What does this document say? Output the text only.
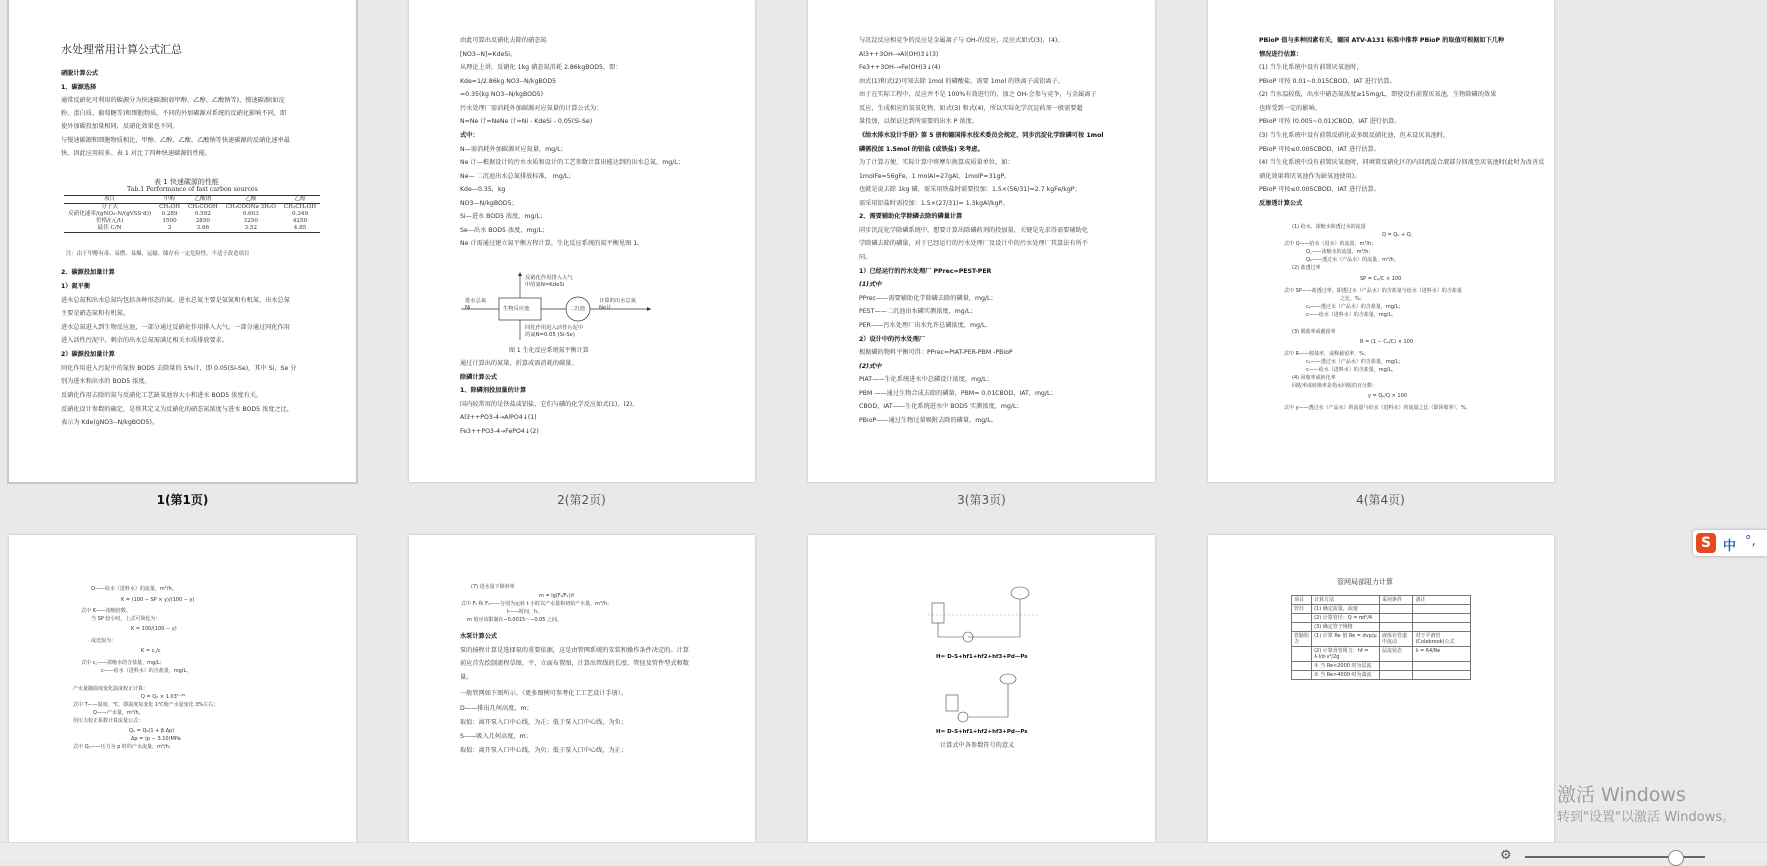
水处理常用计算公式汇总
硝脱计算公式
1、碳源选择
通常反硝化可利用的碳源分为快速碳源(如甲醇、乙醇、乙酸钠等)、慢速碳源(如淀
粉、蛋白质、葡萄糖等)和细胞物质。不同的外加碳源对系统的反硝化影响不同，即
使外加碳投加量相同，反硝化效果也不同。
与慢速碳源和细胞物质相比，甲醇、乙醇、乙酸、乙酸钠等快速碳源的反硝化速率最
快，因此应用较多。表 1 对比了四种快速碳源的性能。
表 1 快速碳源的性能
Tab.1 Performance of fast carbon sources
项目	甲醇	乙酸钠	乙酸	乙醇
分子式	CH₃OH	CH₃COOH	CH₃COONa·3H₂O	CH₃CH₂OH
反硝化速率/(gNO₃-N/(gVSS·d))	0.289	0.592	0.603	0.349
价格/(元/t)	1500	2850	3250	4250
最佳 C/N	3	3.66	3.52	4.85
注：由于甲醇有毒、易燃、易爆，运输、储存有一定危险性，不适于改造项目
2、碳源投加量计算
1）氮平衡
进水总氮和出水总氮均包括各种形态的氮。进水总氮主要是氨氮和有机氮，出水总氮
主要是硝态氮和有机氮。
进水总氮进入到生物反应池，一部分通过反硝化作用排入大气，一部分通过同化作用
进入活性污泥中，剩余的出水总氮需满足相关水质排放要求。
2）碳源投加量计算
同化作用进入污泥中的氮按 BOD5 去除量的 5%计，即 0.05(Si-Se)，其中 Si、Se 分
别为进水和出水的 BOD5 浓度。
反硝化作用去除的氮与反硝化工艺缺氧池容大小和进水 BOD5 浓度有关。
反硝化设计参数的确定，是将其定义为反硝化的硝态氮浓度与进水 BOD5 浓度之比，
表示为 Kde(gNO3--N/kgBOD5)。
1(第1页)
由此可算出反硝化去除的硝态氮
[NO3--N]=KdeSi。
从理论上讲，反硝化 1kg 硝态氮消耗 2.86kgBOD5，即：
Kde=1/2.86kg NO3--N/kgBOD5
=0.35(kg NO3--N/kgBOD5)
污水处理厂需消耗外加碳源对应氮量的计算公式为：
N=Ne 计=NeNe 计=Ni - KdeSi - 0.05(Si-Se)
式中：
N—需消耗外加碳源对应氮量，mg/L；
Ne 计—根据设计的污水水质和设计的工艺参数计算出能达到的出水总氮，mg/L；
Ne— 二沉池出水总氮排放标准， mg/L；
Kde—0.35，kg
NO3—N/kgBOD5；
Si—进水 BOD5 浓度，mg/L；
Se—出水 BOD5 浓度，mg/L；
Ne 计需通过建立氮平衡方程计算，生化反应系统的氮平衡见图 1。
进水总氮
Ni	生物反应池	二沉池
计算的出水总氮
Ne计
反硝化作用排入大气
中的氮N=KdeSi
同化作用进入活性污泥中
的氮N=0.05 (Si-Se)
图 1 生化反应系统氮平衡计算
通过计算出的氮量，折算成需消耗的碳量。
除磷计算公式
1、除磷剂投加量的计算
国内较常用的是铁盐或铝盐，它们与磷的化学反应如式(1)、(2)。
Al3++PO3-4→AlPO4↓(1)
Fe3++PO3-4→FePO4↓(2)
2(第2页)
与沉淀反应相竞争的反应是金属离子与 OH-的反应，反应式如式(3)、(4)。
Al3++3OH-→Al(OH)3↓(3)
Fe3++3OH-→Fe(OH)3↓(4)
由式(1)和式(2)可知去除 1mol 的磷酸盐，需要 1mol 的铁离子或铝离子。
由于在实际工程中，反应并不是 100%有效进行的，加之 OH-会参与竞争，与金属离子
反应，生成相应的氢氧化物，如式(3) 和式(4)，所以实际化学沉淀药剂一般需要超
量投加，以保证达到所需要的出水 P 浓度。
《给水排水设计手册》第 5 册和德国排水技术委员会规定，同步沉淀化学除磷可按 1mol
磷需投加 1.5mol 的铝盐 (或铁盐) 来考虑。
为了计算方便，实际计算中将摩尔换算成质量单位，如：
1molFe=56gFe，1 molAl=27gAl，1molP=31gP。
也就是说去除 1kg 磷，需采用铁盐时需要投加：1.5×(56/31)=2.7 kgFe/kgP；
需采用铝盐时需投加：1.5×(27/31)= 1.3kgAl/kgP。
2、需要辅助化学除磷去除的磷量计算
同步沉淀化学除磷系统中，想要计算出除磷药剂的投加量，关键是先求得需要辅助化
学除磷去除的磷量，对于已经运行的污水处理厂及设计中的污水处理厂其算法有所不
同。
1）已经运行的污水处理厂 PPrec=PEST-PER
(1)式中
PPrec——需要辅助化学除磷去除的磷量，mg/L；
PEST——二沉池出水磷实测浓度，mg/L；
PER——污水处理厂出水允许总磷浓度，mg/L。
2）设计中的污水处理厂
根据磷的物料平衡可得：PPrec=PIAT-PER-PBM -PBioP
(2)式中
PIAT——生化系统进水中总磷设计浓度，mg/L；
PBM ——通过生物合成去除的磷量，PBM= 0.01CBOD，IAT，mg/L；
CBOD，IAT——生化系统进水中 BOD5 实测浓度，mg/L；
PBioP——通过生物过量吸附去除的磷量，mg/L。
3(第3页)
PBioP 值与多种因素有关，德国 ATV-A131 标准中推荐 PBioP 的取值可根据如下几种
情况进行估算：
(1) 当生化系统中设有前置厌氧池时，
PBioP 可按 0.01~0.015CBOD，IAT 进行估算。
(2) 当水温较低，出水中硝态氮浓度≥15mg/L，即使设有前置厌氧池，生物除磷的效果
也将受到一定的影响。
PBioP 可按 (0.005~0.01)CBOD，IAT 进行估算。
(3) 当生化系统中设有前置反硝化或多级反硝化池，但未设厌氧池时，
PBioP 可按≤0.005CBOD，IAT 进行估算。
(4) 当生化系统中没有前置厌氧池时，同填置反硝化区的内回流混合液部分回流至厌氧池时(此时为改善反
硝化效果将厌氧池作为缺氧池使用)。
PBioP 可按≤0.005CBOD，IAT 进行估算。
反渗透计算公式
(1) 给水、浓缩水和透过水的流量
Q = Qₚ + Q꜀
式中 Q——给水（进水）的流量，m³/h；
Q꜀——浓缩水的流量，m³/h；
Qₚ——透过水（产品水）的流量，m³/h。
(2) 盐透过率
SP = Cₚ/C × 100
式中 SP——盐透过率，即透过水（产品水）的含盐量与给水（进料水）的含盐量
之比，%；
cₚ——透过水（产品水）的含盐量，mg/L；
c——给水（进料水）的含盐量，mg/L。
(3) 脱盐率或截留率
R = (1 − Cₚ/C) × 100
式中 R——脱盐率，或称截留率，%；
cₚ——透过水（产品水）的含盐量，mg/L；
c——给水（进料水）的含盐量，mg/L。
(4) 回收率或转化率
回收率或转换率是指水回收的百分数：
y = Qₚ/Q × 100
式中 y——透过水（产品水）的流量与给水（进料水）的流量之比（即回收率），%。
4(第4页)
Q——给水（进料水）的流量，m³/h。
K = (100 − SP × y)/(100 − y)
式中 K——浓缩倍数。
当 SP 较小时，上式可简化为：
K = 100/(100 − y)
或近似为：
K = c꜀/c
式中 c꜀——浓缩水的含盐量，mg/L；
c——给水（进料水）的含盐量，mg/L。
产水量随温度变化温度校正计算：
Q = Q₀ × 1.03ᵀ⁻²⁵
式中 T——温度，℃，即温度每变化 1℃使产水量变化 3%左右；
Q——产水量，m³/h。
用压力校正系数计算流量公式：
Qₚ = Q₀(1 + β Δp)
Δp = (p − 3.10)MPa
式中 Qₚ——压力为 p 时的产水流量，m³/h；
(7) 进水量下降斜率
m = lg(Fₜ/F₁)/t
式中 Fₜ 和 F₁——分别为运转 t 小时以产水量和初始产水量，m³/h；
t——时间，h。
m 值应该限制在−0.0015～−0.05 之间。
水泵计算公式
泵的扬程计算是选择泵的重要依据，这是由管网系统的安装和操作条件决定的。计算
前应首先绘制流程草图，平、立面布置图，计算出管线的长度、管径及管件型式和数
量。
一般管网如下图所示。（更多图例可参考化工工艺设计手册）。
D——排出几何高度，m；
取值：离开泵入口中心线，为正；低于泵入口中心线，为负；
S——吸入几何高度，m；
取值：离开泵入口中心线，为负；低于泵入口中心线，为正；
H= D-S+hf1+hf2+hf3+Pd—Ps
H= D-S+hf1+hf2+hf3+Pd—Ps
计算式中各参数符号的意义
管网局部阻力计算
项目	计算方法	采用条件	备注
管径	(1) 确定流量，流速		
	(2) 计算管径：Q = πd²/4		
	(3) 确定管子规格		
管路阻力	(1) 计算 Re 值 Re = dvρ/μ	液体在管道中流动	对于平滑管(Colebrook)公式
	(2) 计算直管阻力：hf = λ·l/d·v²/2g	层流状态	λ = 64/Re
	① 当 Re<2000 时为层流		
	② 当 Re>4000 时为湍流		
S 中 °,
激活 Windows
转到"设置"以激活 Windows。
⚙
